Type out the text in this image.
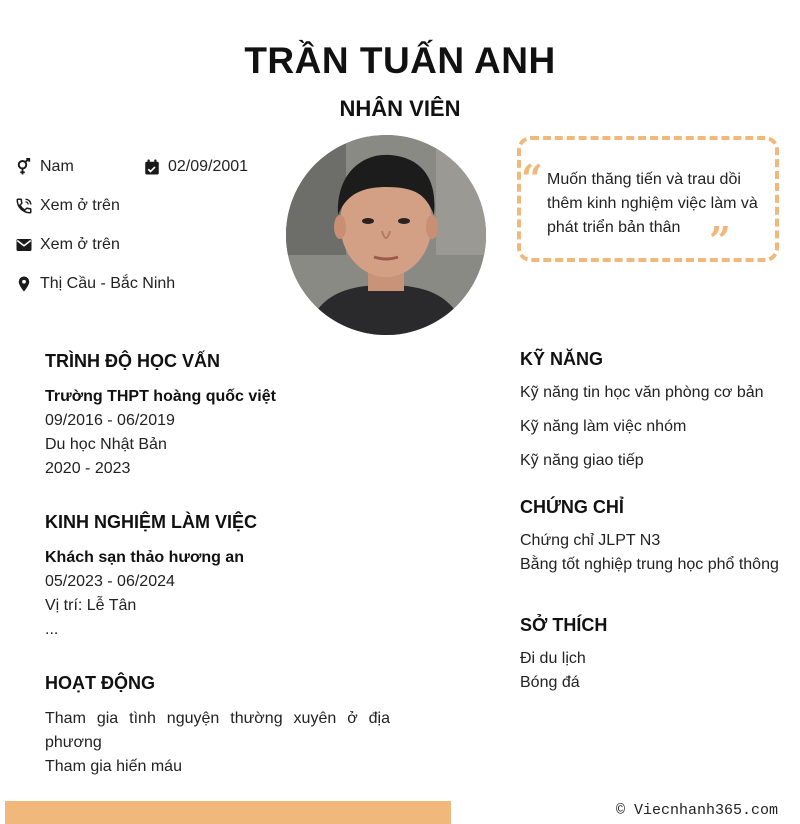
TRẦN TUẤN ANH
NHÂN VIÊN
Nam	02/09/2001
Xem ở trên
Xem ở trên
Thị Cầu - Bắc Ninh
“ Muốn thăng tiến và trau dồi thêm kinh nghiệm việc làm và phát triển bản thân ”
TRÌNH ĐỘ HỌC VẤN
Trường THPT hoàng quốc việt
09/2016 - 06/2019
Du học Nhật Bản
2020 - 2023
KINH NGHIỆM LÀM VIỆC
Khách sạn thảo hương an
05/2023 - 06/2024
Vị trí: Lễ Tân
...
HOẠT ĐỘNG
Tham gia tình nguyện thường xuyên ở địa phương
Tham gia hiến máu
KỸ NĂNG
Kỹ năng tin học văn phòng cơ bản
Kỹ năng làm việc nhóm
Kỹ năng giao tiếp
CHỨNG CHỈ
Chứng chỉ JLPT N3
Bằng tốt nghiệp trung học phổ thông
SỞ THÍCH
Đi du lịch
Bóng đá
© Viecnhanh365.com
